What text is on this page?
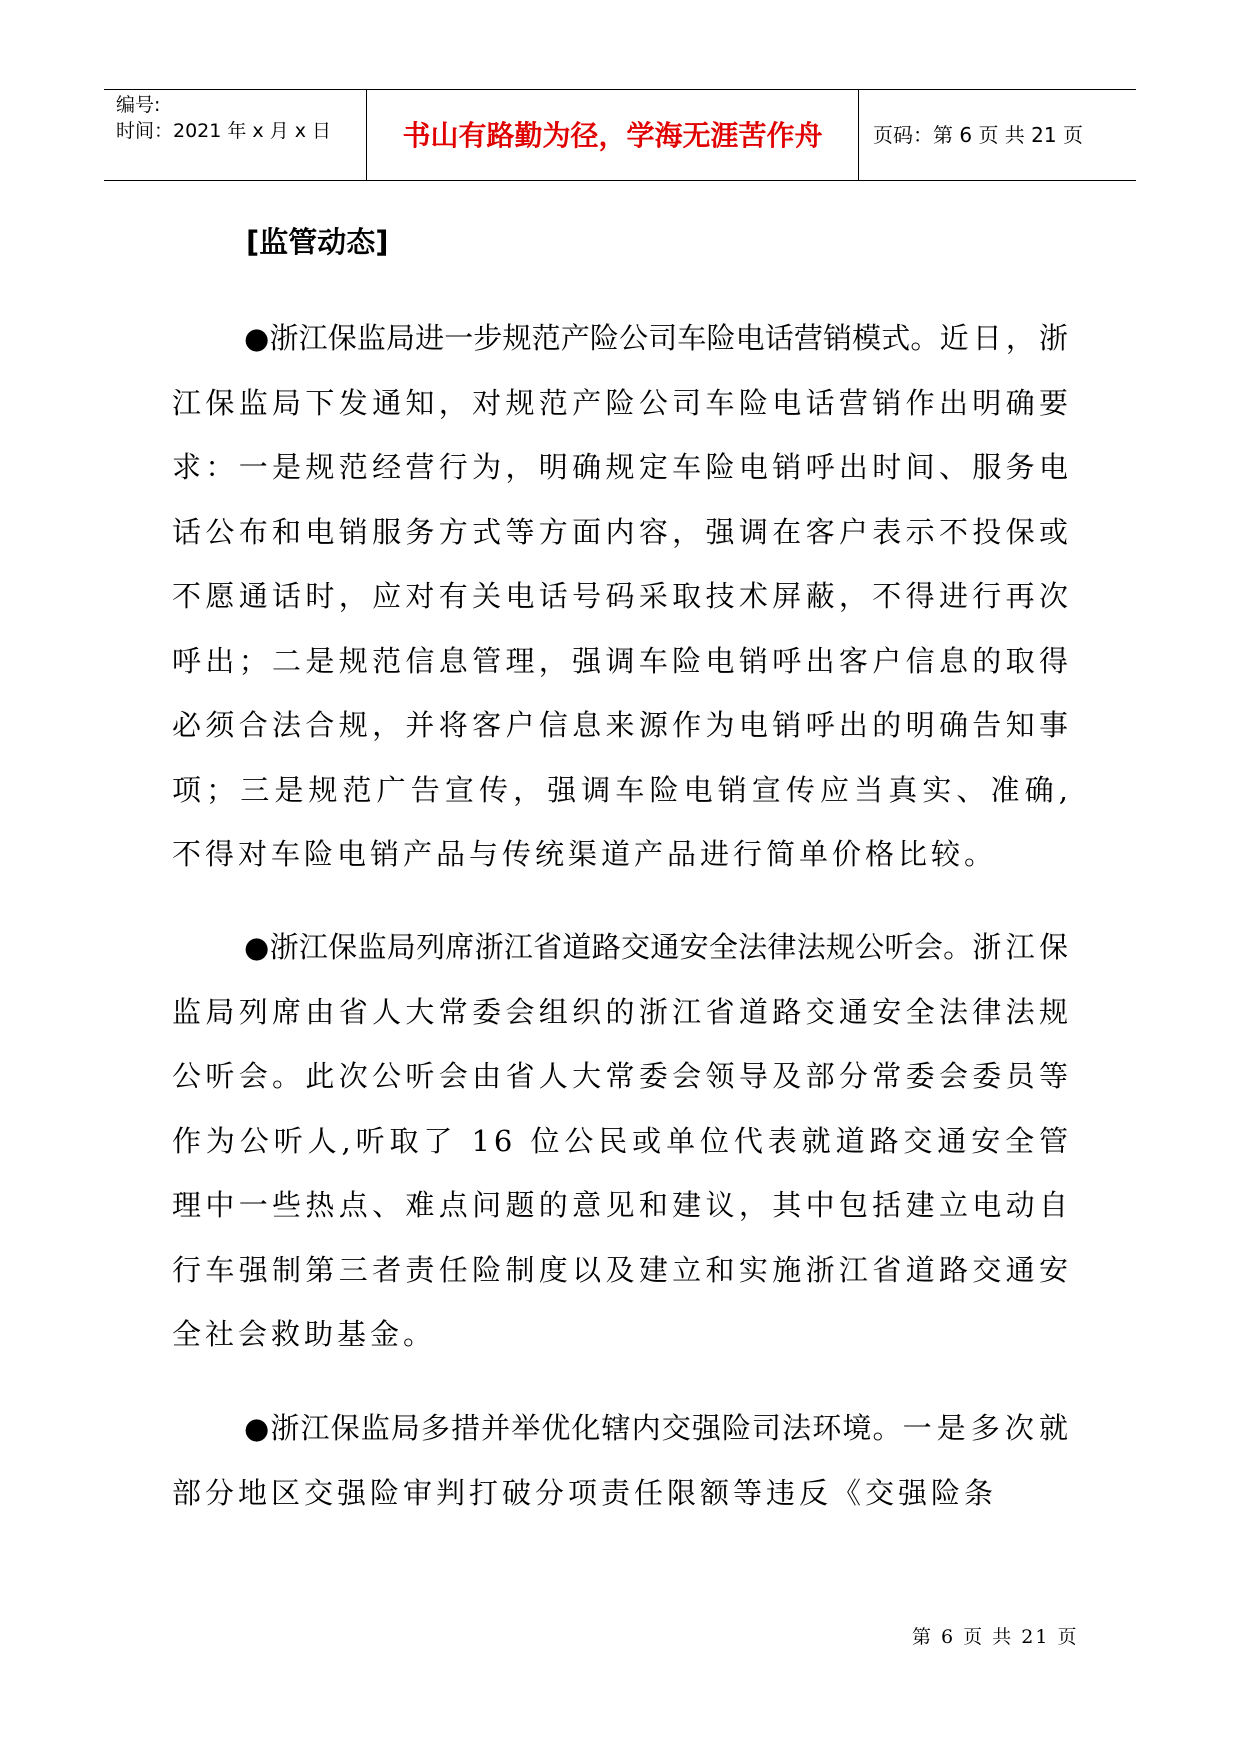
编号:
时间：2021 年 x 月 x 日	书山有路勤为径，学海无涯苦作舟	页码：第 6 页 共 21 页
[监管动态]
●浙江保监局进一步规范产险公司车险电话营销模式。近日，浙江保监局下发通知，对规范产险公司车险电话营销作出明确要求：一是规范经营行为，明确规定车险电销呼出时间、服务电话公布和电销服务方式等方面内容，强调在客户表示不投保或不愿通话时，应对有关电话号码采取技术屏蔽，不得进行再次呼出；二是规范信息管理，强调车险电销呼出客户信息的取得必须合法合规，并将客户信息来源作为电销呼出的明确告知事项；三是规范广告宣传，强调车险电销宣传应当真实、准确,不得对车险电销产品与传统渠道产品进行简单价格比较。
●浙江保监局列席浙江省道路交通安全法律法规公听会。浙江保监局列席由省人大常委会组织的浙江省道路交通安全法律法规公听会。此次公听会由省人大常委会领导及部分常委会委员等作为公听人,听取了 16 位公民或单位代表就道路交通安全管理中一些热点、难点问题的意见和建议，其中包括建立电动自行车强制第三者责任险制度以及建立和实施浙江省道路交通安全社会救助基金。
●浙江保监局多措并举优化辖内交强险司法环境。一是多次就部分地区交强险审判打破分项责任限额等违反《交强险条
第 6 页 共 21 页
